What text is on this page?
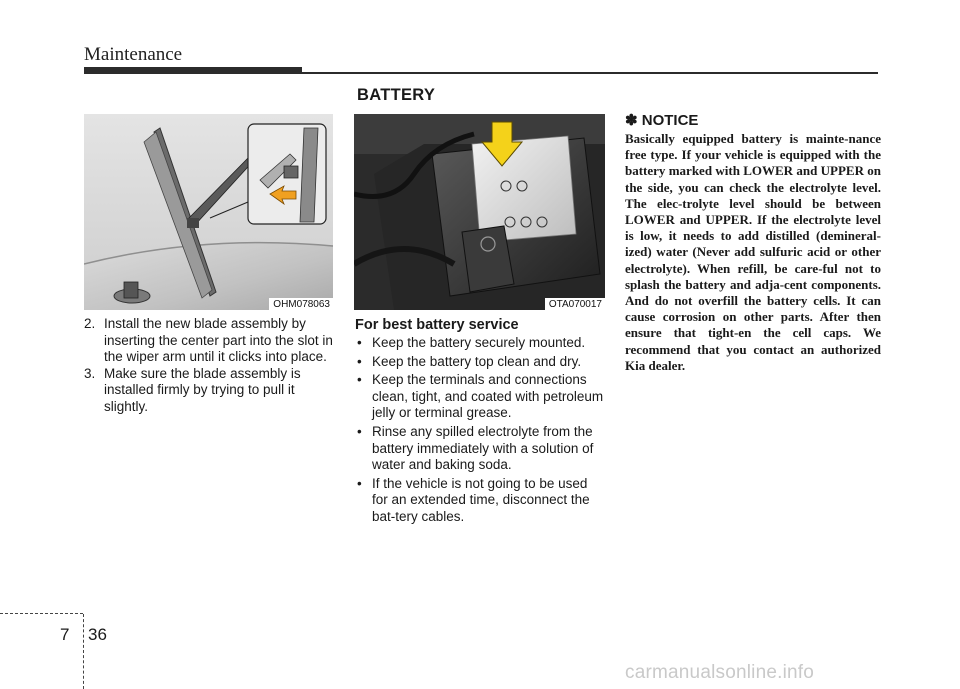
Maintenance
BATTERY
OHM078063	OTA070017
2. Install the new blade assembly by inserting the center part into the slot in the wiper arm until it clicks into place.
3. Make sure the blade assembly is installed firmly by trying to pull it slightly.
For best battery service
• Keep the battery securely mounted.
• Keep the battery top clean and dry.
• Keep the terminals and connections clean, tight, and coated with petroleum jelly or terminal grease.
• Rinse any spilled electrolyte from the battery immediately with a solution of water and baking soda.
• If the vehicle is not going to be used for an extended time, disconnect the bat-tery cables.
✽ NOTICE
Basically equipped battery is mainte-nance free type. If your vehicle is equipped with the battery marked with LOWER and UPPER on the side, you can check the electrolyte level. The elec-trolyte level should be between LOWER and UPPER. If the electrolyte level is low, it needs to add distilled (demineral-ized) water (Never add sulfuric acid or other electrolyte). When refill, be care-ful not to splash the battery and adja-cent components. And do not overfill the battery cells. It can cause corrosion on other parts. After then ensure that tight-en the cell caps. We recommend that you contact an authorized Kia dealer.
7 36
carmanualsonline.info
